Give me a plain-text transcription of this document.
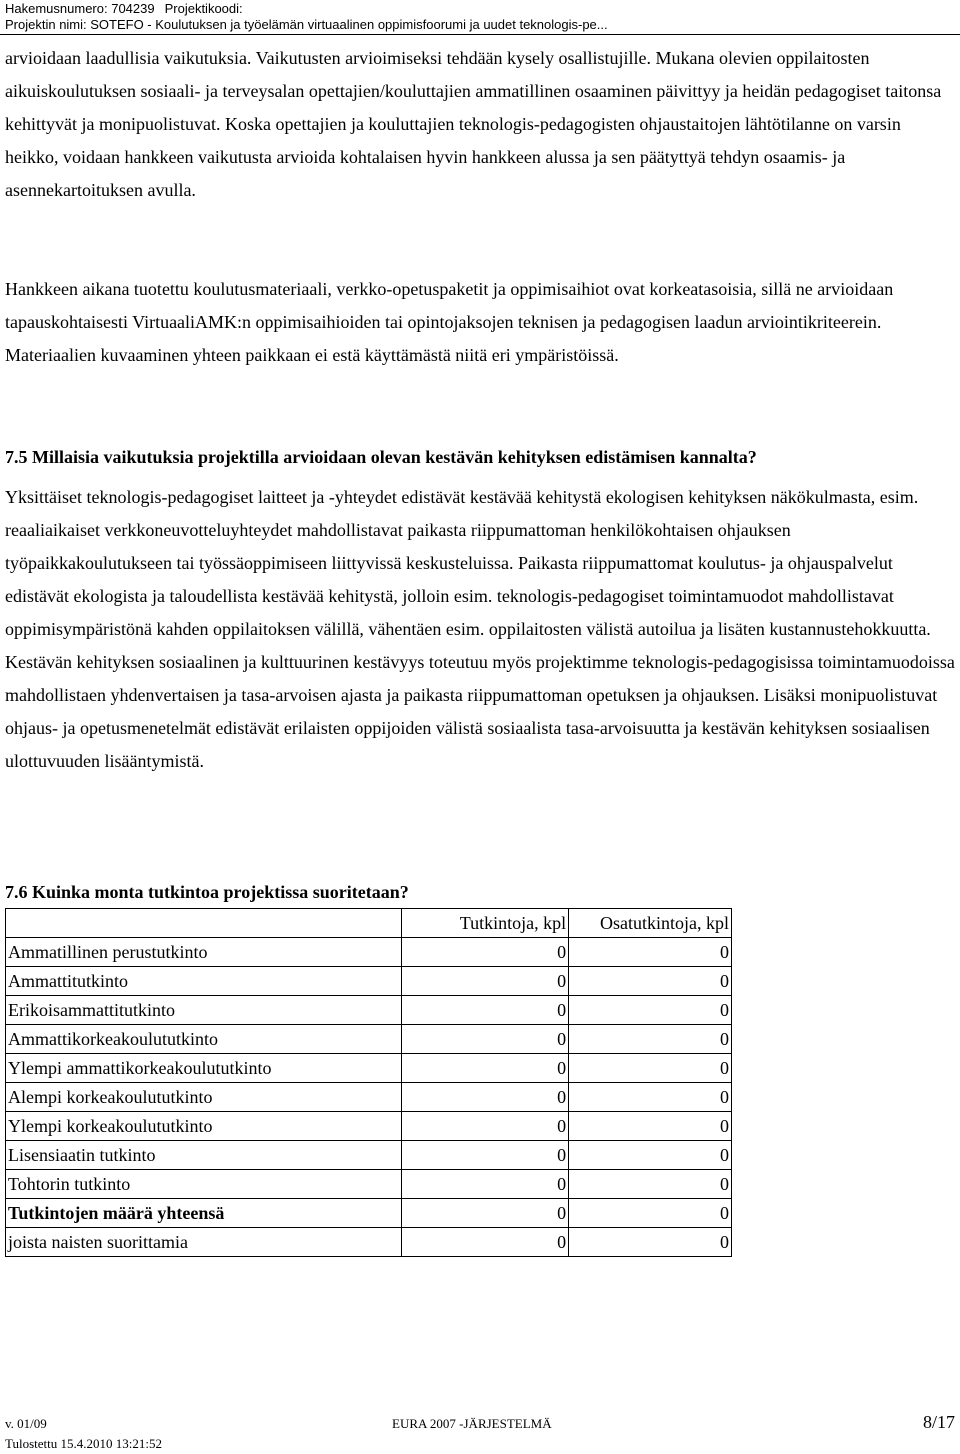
Hakemusnumero: 704239 Projektikoodi:
Projektin nimi: SOTEFO - Koulutuksen ja työelämän virtuaalinen oppimisfoorumi ja uudet teknologis-pe...

arvioidaan laadullisia vaikutuksia. Vaikutusten arvioimiseksi tehdään kysely osallistujille. Mukana olevien oppilaitosten aikuiskoulutuksen sosiaali- ja terveysalan opettajien/kouluttajien ammatillinen osaaminen päivittyy ja heidän pedagogiset taitonsa kehittyvät ja monipuolistuvat. Koska opettajien ja kouluttajien teknologis-pedagogisten ohjaustaitojen lähtötilanne on varsin heikko, voidaan hankkeen vaikutusta arvioida kohtalaisen hyvin hankkeen alussa ja sen päätyttyä tehdyn osaamis- ja asennekartoituksen avulla.

Hankkeen aikana tuotettu koulutusmateriaali, verkko-opetuspaketit ja oppimisaihiot ovat korkeatasoisia, sillä ne arvioidaan tapauskohtaisesti VirtuaaliAMK:n oppimisaihioiden tai opintojaksojen teknisen ja pedagogisen laadun arviointikriteerein. Materiaalien kuvaaminen yhteen paikkaan ei estä käyttämästä niitä eri ympäristöissä.

7.5 Millaisia vaikutuksia projektilla arvioidaan olevan kestävän kehityksen edistämisen kannalta?

Yksittäiset teknologis-pedagogiset laitteet ja -yhteydet edistävät kestävää kehitystä ekologisen kehityksen näkökulmasta, esim. reaaliaikaiset verkkoneuvotteluyhteydet mahdollistavat paikasta riippumattoman henkilökohtaisen ohjauksen työpaikkakoulutukseen tai työssäoppimiseen liittyvissä keskusteluissa. Paikasta riippumattomat koulutus- ja ohjauspalvelut edistävät ekologista ja taloudellista kestävää kehitystä, jolloin esim. teknologis-pedagogiset toimintamuodot mahdollistavat oppimisympäristönä kahden oppilaitoksen välillä, vähentäen esim. oppilaitosten välistä autoilua ja lisäten kustannustehokkuutta. Kestävän kehityksen sosiaalinen ja kulttuurinen kestävyys toteutuu myös projektimme teknologis-pedagogisissa toimintamuodoissa mahdollistaen yhdenvertaisen ja tasa-arvoisen ajasta ja paikasta riippumattoman opetuksen ja ohjauksen. Lisäksi monipuolistuvat ohjaus- ja opetusmenetelmät edistävät erilaisten oppijoiden välistä sosiaalista tasa-arvoisuutta ja kestävän kehityksen sosiaalisen ulottuvuuden lisääntymistä.

7.6 Kuinka monta tutkintoa projektissa suoritetaan?
	Tutkintoja, kpl	Osatutkintoja, kpl
Ammatillinen perustutkinto	0	0
Ammattitutkinto	0	0
Erikoisammattitutkinto	0	0
Ammattikorkeakoulututkinto	0	0
Ylempi ammattikorkeakoulututkinto	0	0
Alempi korkeakoulututkinto	0	0
Ylempi korkeakoulututkinto	0	0
Lisensiaatin tutkinto	0	0
Tohtorin tutkinto	0	0
Tutkintojen määrä yhteensä	0	0
joista naisten suorittamia	0	0
v. 01/09	EURA 2007 -JÄRJESTELMÄ	8/17
Tulostettu 15.4.2010 13:21:52
